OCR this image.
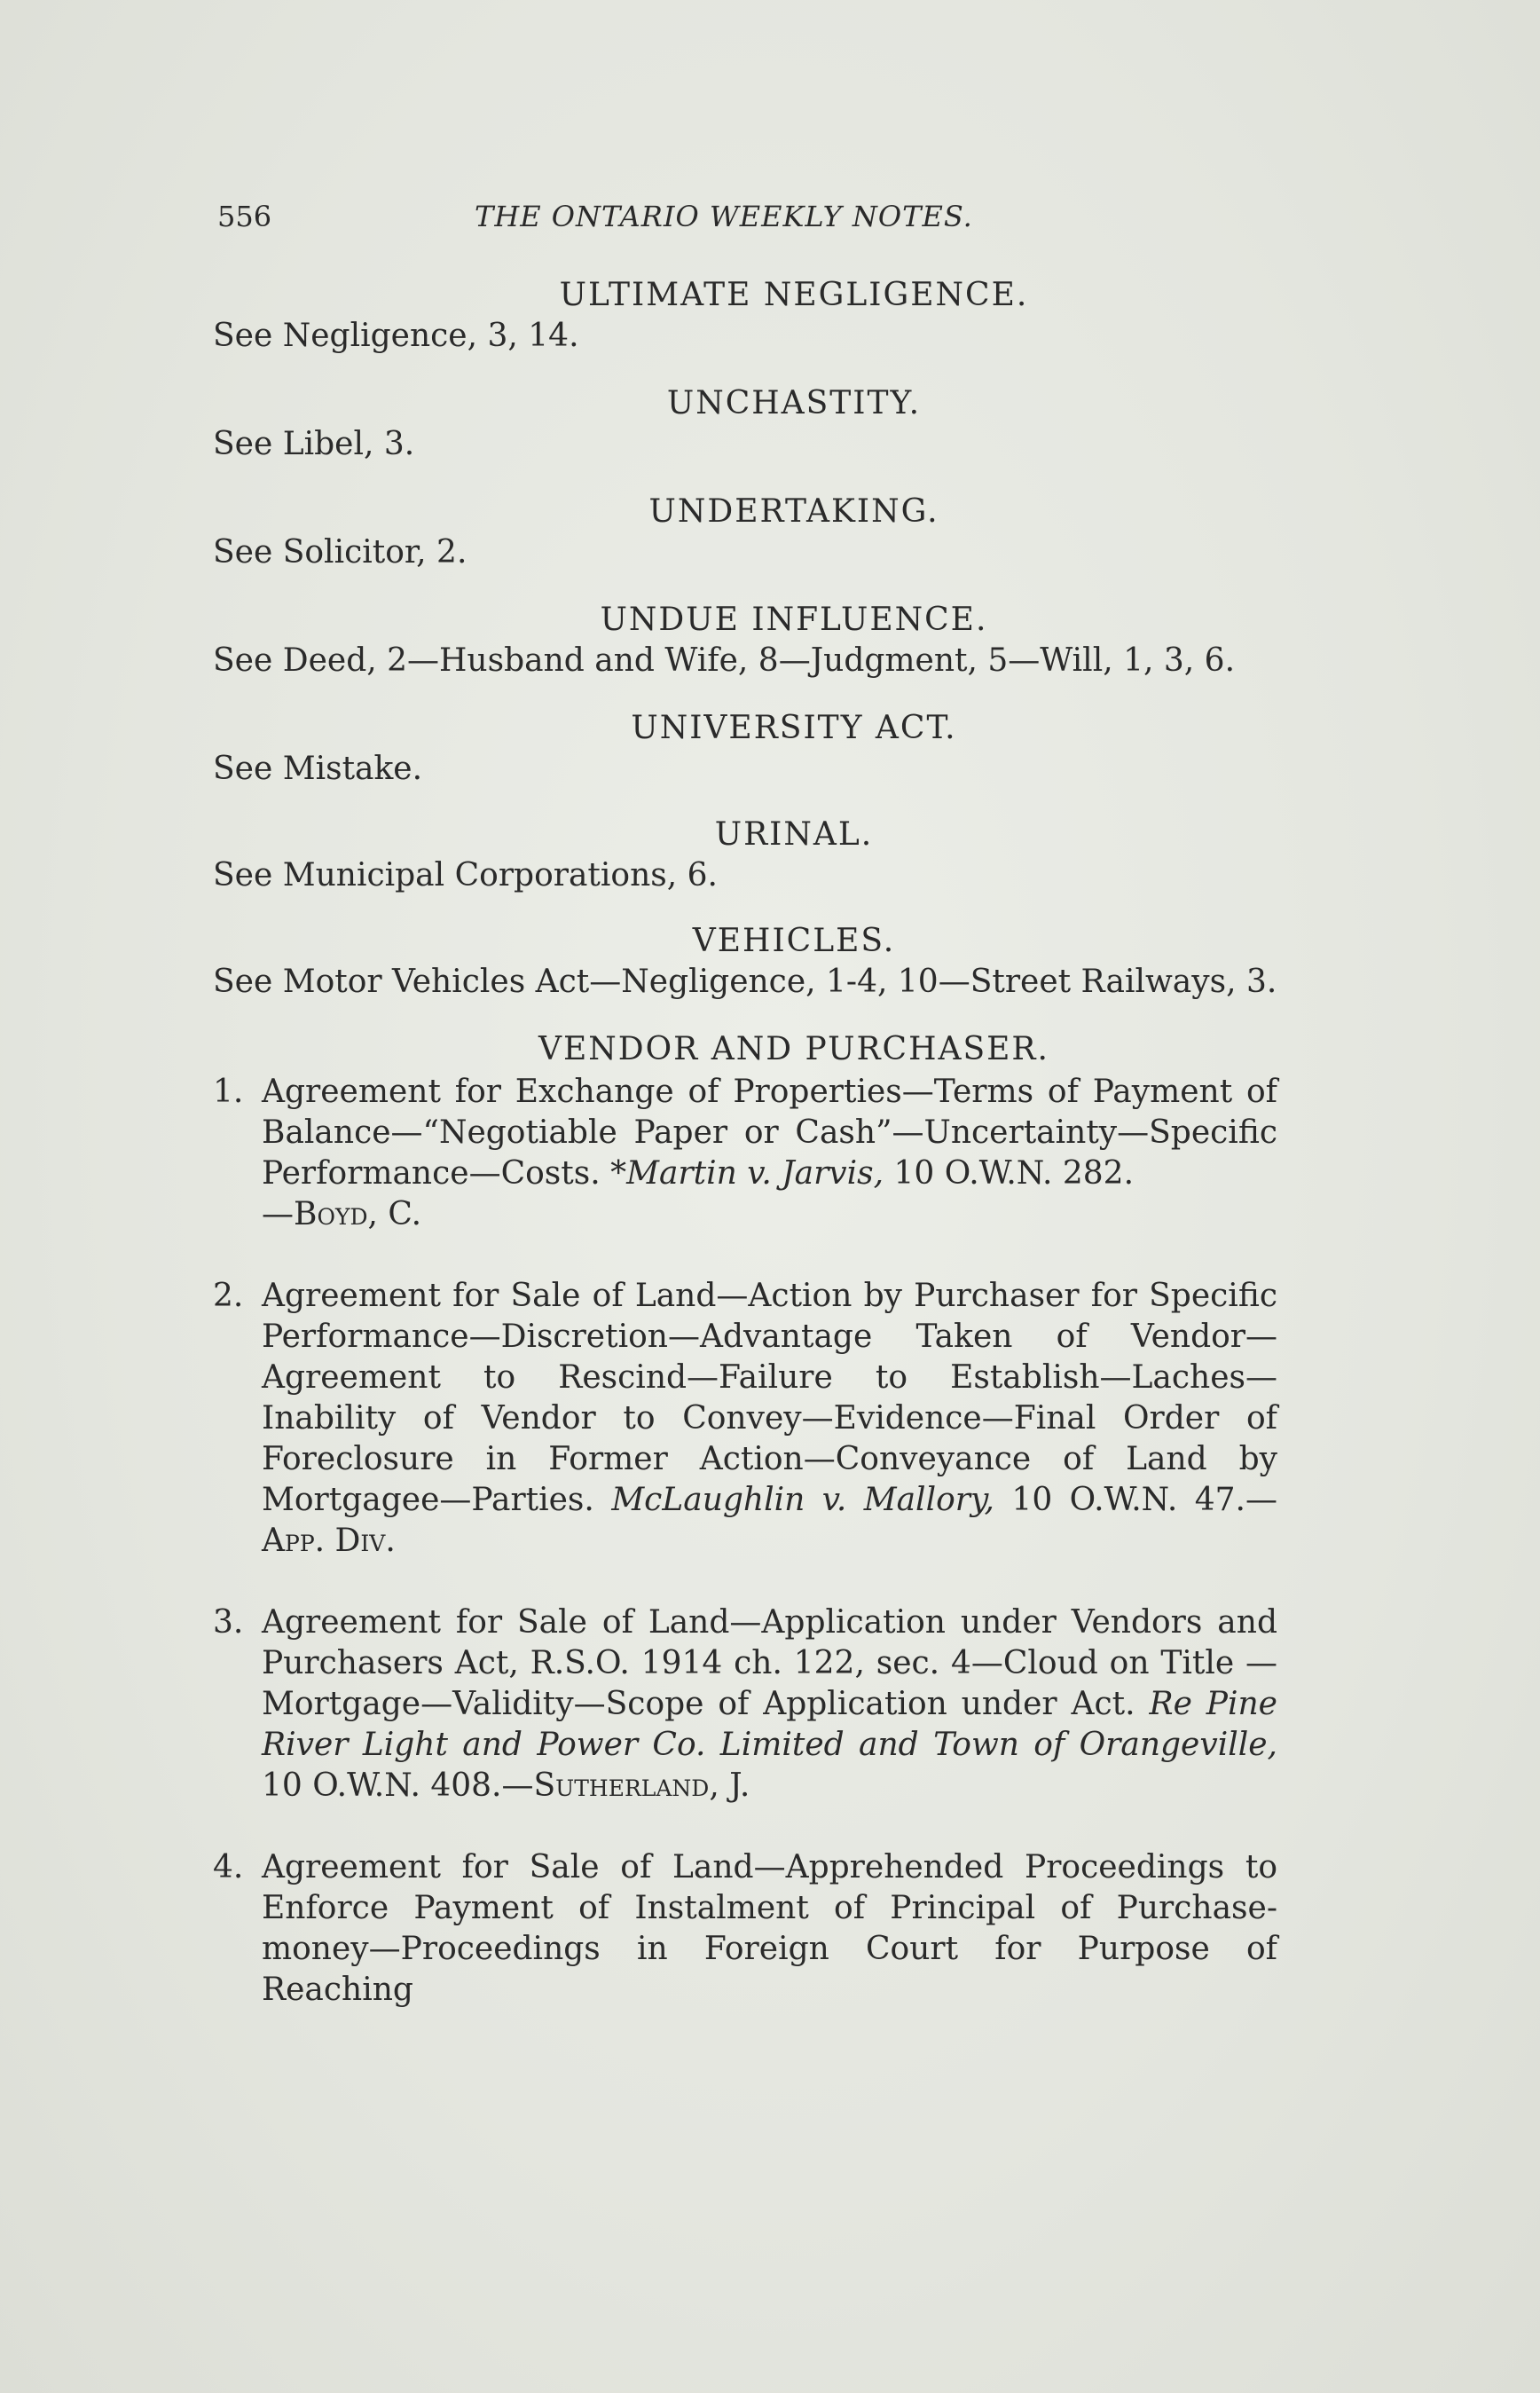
556	THE ONTARIO WEEKLY NOTES.
ULTIMATE NEGLIGENCE.
See Negligence, 3, 14.
UNCHASTITY.
See Libel, 3.
UNDERTAKING.
See Solicitor, 2.
UNDUE INFLUENCE.
See Deed, 2—Husband and Wife, 8—Judgment, 5—Will, 1, 3, 6.
UNIVERSITY ACT.
See Mistake.
URINAL.
See Municipal Corporations, 6.
VEHICLES.
See Motor Vehicles Act—Negligence, 1-4, 10—Street Railways, 3.
VENDOR AND PURCHASER.
1. Agreement for Exchange of Properties—Terms of Payment of Balance—“Negotiable Paper or Cash”—Uncertainty—Specific Performance—Costs. *Martin v. Jarvis, 10 O.W.N. 282.
—Boyd, C.
2. Agreement for Sale of Land—Action by Purchaser for Specific Performance—Discretion—Advantage Taken of Vendor—Agreement to Rescind—Failure to Establish—Laches—Inability of Vendor to Convey—Evidence—Final Order of Foreclosure in Former Action—Conveyance of Land by Mortgagee—Parties. McLaughlin v. Mallory, 10 O.W.N. 47.—App. Div.
3. Agreement for Sale of Land—Application under Vendors and Purchasers Act, R.S.O. 1914 ch. 122, sec. 4—Cloud on Title —Mortgage—Validity—Scope of Application under Act. Re Pine River Light and Power Co. Limited and Town of Orangeville, 10 O.W.N. 408.—Sutherland, J.
4. Agreement for Sale of Land—Apprehended Proceedings to Enforce Payment of Instalment of Principal of Purchase-money—Proceedings in Foreign Court for Purpose of Reaching
